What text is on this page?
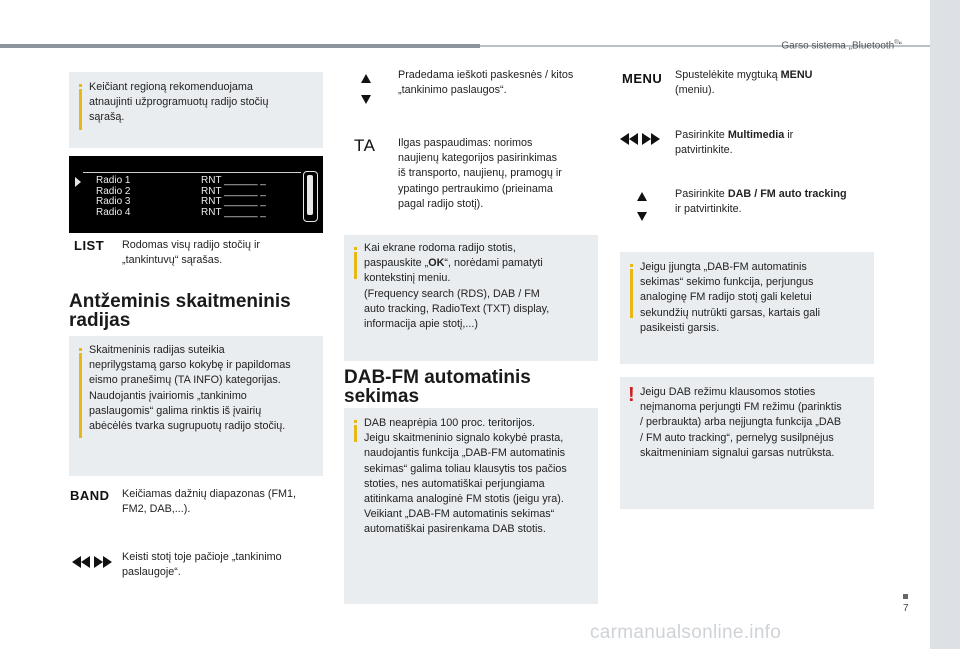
Garso sistema „Bluetooth®“
7
carmanualsonline.info
Keičiant regioną rekomenduojama
atnaujinti užprogramuotų radijo stočių
sąrašą.
Radio 1
Radio 2
Radio 3
Radio 4
RNT ______ _
RNT ______ _
RNT ______ _
RNT ______ _
LIST Rodomas visų radijo stočių ir
„tankintuvų“ sąrašas.
Antžeminis skaitmeninis
radijas
Skaitmeninis radijas suteikia
neprilygstamą garso kokybę ir papildomas
eismo pranešimų (TA INFO) kategorijas.
Naudojantis įvairiomis „tankinimo
paslaugomis“ galima rinktis iš įvairių
abėcėlės tvarka sugrupuotų radijo stočių.
BAND Keičiamas dažnių diapazonas (FM1,
FM2, DAB,...).
Keisti stotį toje pačioje „tankinimo
paslaugoje“.
Pradedama ieškoti paskesnės / kitos
„tankinimo paslaugos“.
TA Ilgas paspaudimas: norimos
naujienų kategorijos pasirinkimas
iš transporto, naujienų, pramogų ir
ypatingo pertraukimo (prieinama
pagal radijo stotį).
Kai ekrane rodoma radijo stotis,
paspauskite „OK“, norėdami pamatyti
kontekstinį meniu.
(Frequency search (RDS), DAB / FM
auto tracking, RadioText (TXT) display,
informacija apie stotį,...)
DAB-FM automatinis
sekimas
DAB neaprėpia 100 proc. teritorijos.
Jeigu skaitmeninio signalo kokybė prasta,
naudojantis funkcija „DAB-FM automatinis
sekimas“ galima toliau klausytis tos pačios
stoties, nes automatiškai perjungiama
atitinkama analoginė FM stotis (jeigu yra).
Veikiant „DAB-FM automatinis sekimas“
automatiškai pasirenkama DAB stotis.
MENU Spustelėkite mygtuką MENU
(meniu).
Pasirinkite Multimedia ir
patvirtinkite.
Pasirinkite DAB / FM auto tracking
ir patvirtinkite.
Jeigu įjungta „DAB-FM automatinis
sekimas“ sekimo funkcija, perjungus
analoginę FM radijo stotį gali keletui
sekundžių nutrūkti garsas, kartais gali
pasikeisti garsis.
! Jeigu DAB režimu klausomos stoties
neįmanoma perjungti FM režimu (parinktis
/ perbraukta) arba neįjungta funkcija „DAB
/ FM auto tracking“, pernelyg susilpnėjus
skaitmeniniam signalui garsas nutrūksta.
